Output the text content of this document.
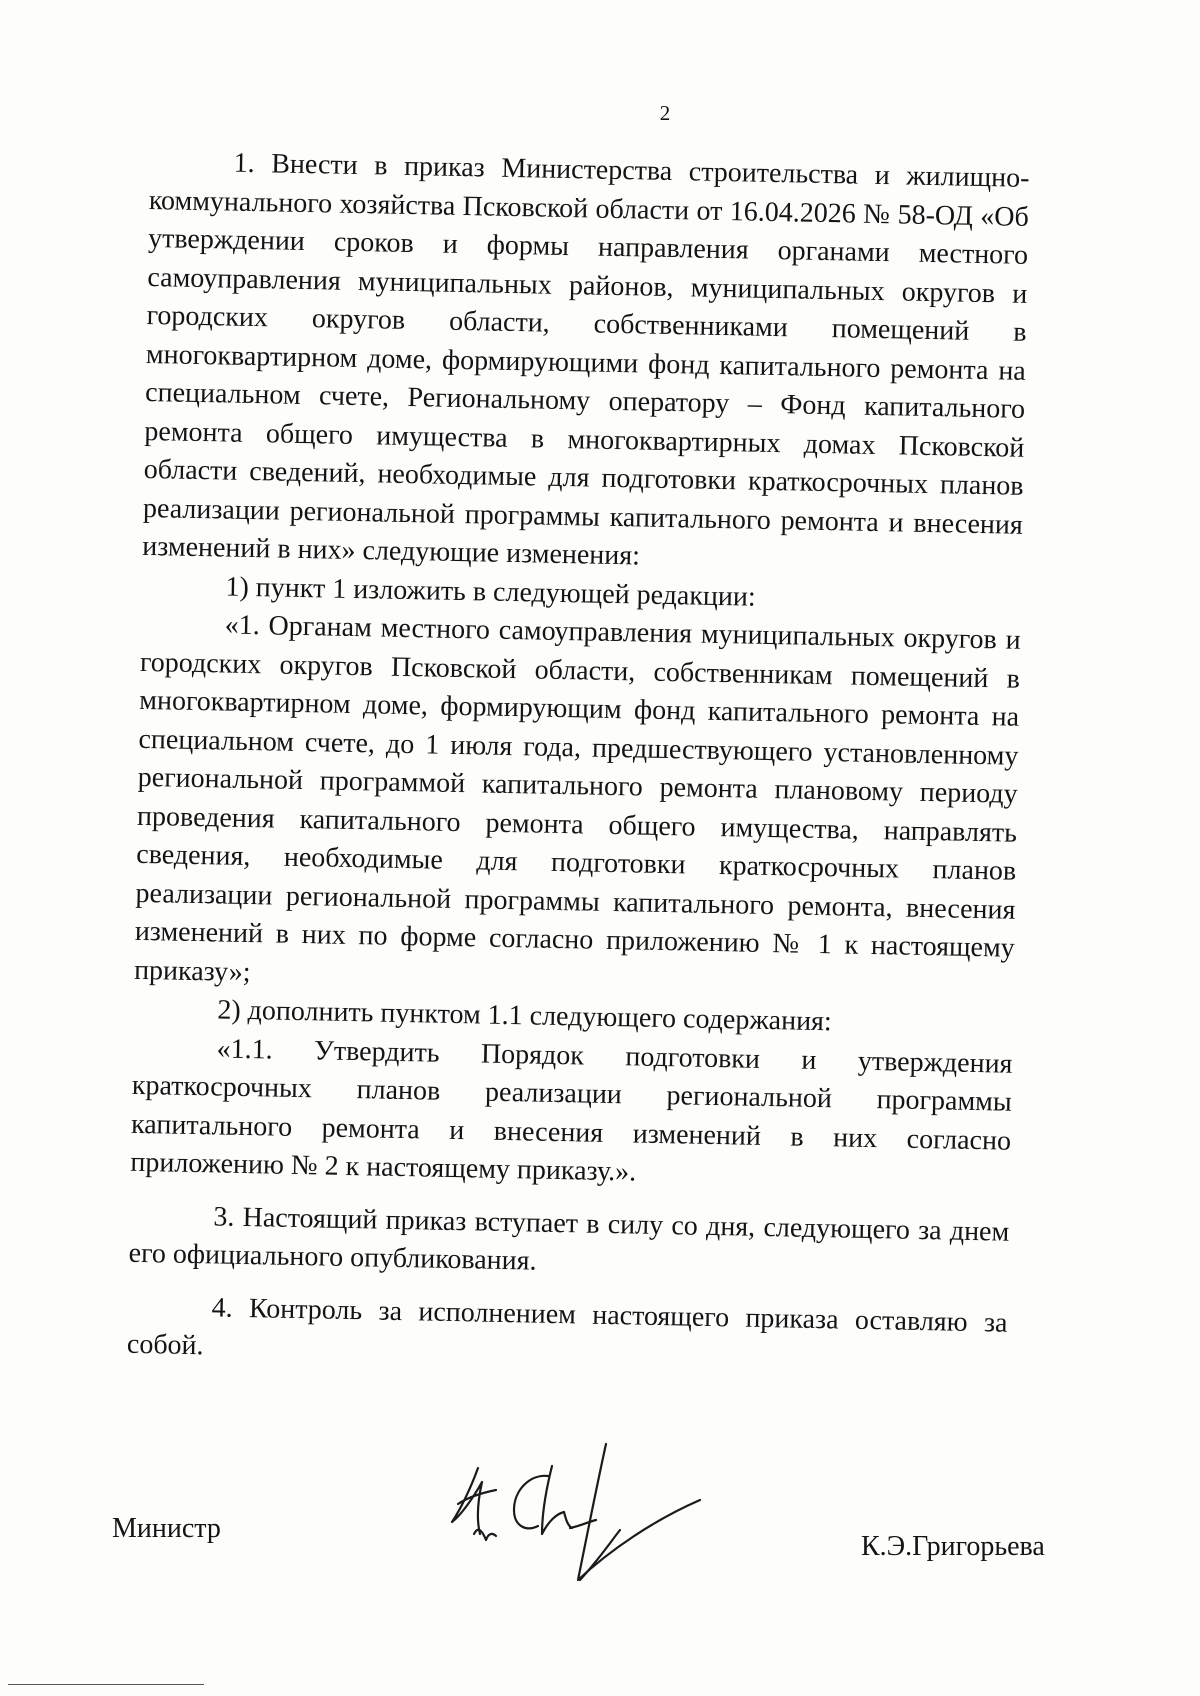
2

1. Внести в приказ Министерства строительства и жилищно-коммунального хозяйства Псковской области от 16.04.2026 № 58-ОД «Об утверждении сроков и формы направления органами местного самоуправления муниципальных районов, муниципальных округов и городских округов области, собственниками помещений в многоквартирном доме, формирующими фонд капитального ремонта на специальном счете, Региональному оператору – Фонд капитального ремонта общего имущества в многоквартирных домах Псковской области сведений, необходимые для подготовки краткосрочных планов реализации региональной программы капитального ремонта и внесения изменений в них» следующие изменения:

1) пункт 1 изложить в следующей редакции:

«1. Органам местного самоуправления муниципальных округов и городских округов Псковской области, собственникам помещений в многоквартирном доме, формирующим фонд капитального ремонта на специальном счете, до 1 июля года, предшествующего установленному региональной программой капитального ремонта плановому периоду проведения капитального ремонта общего имущества, направлять сведения, необходимые для подготовки краткосрочных планов реализации региональной программы капитального ремонта, внесения изменений в них по форме согласно приложению № 1 к настоящему приказу»;

2) дополнить пунктом 1.1 следующего содержания:

«1.1. Утвердить Порядок подготовки и утверждения краткосрочных планов реализации региональной программы капитального ремонта и внесения изменений в них согласно приложению № 2 к настоящему приказу.».

3. Настоящий приказ вступает в силу со дня, следующего за днем его официального опубликования.

4. Контроль за исполнением настоящего приказа оставляю за собой.

Министр
К.Э.Григорьева
